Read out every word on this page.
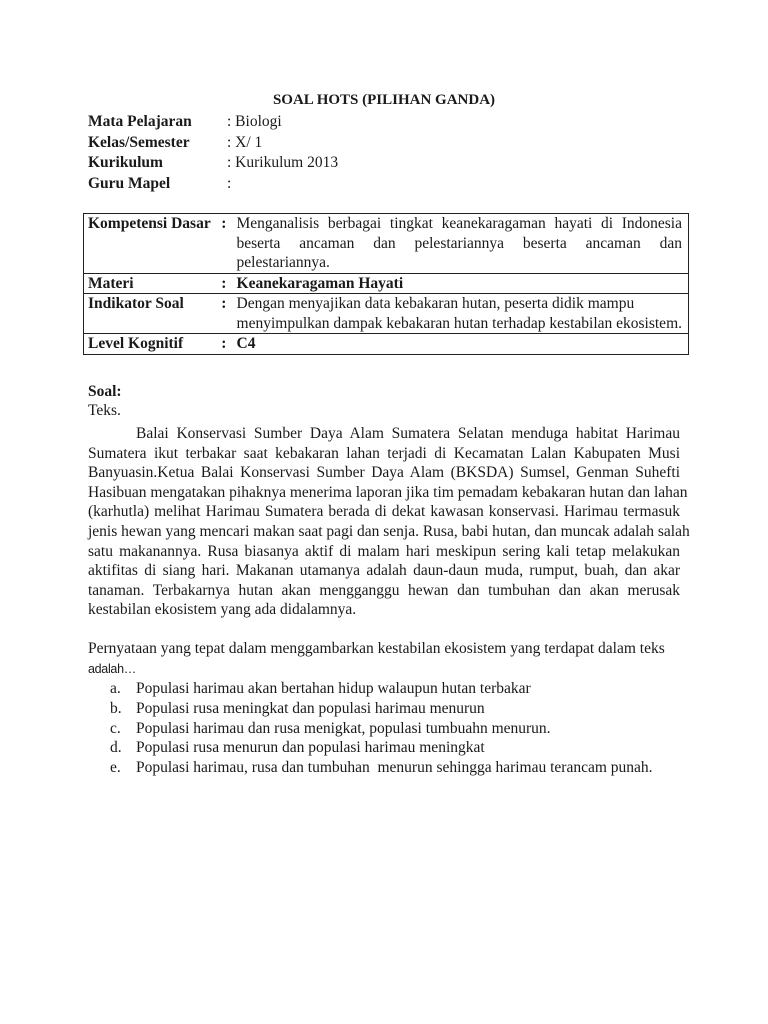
SOAL HOTS (PILIHAN GANDA)
Mata Pelajaran	: Biologi
Kelas/Semester	: X/ 1
Kurikulum	: Kurikulum 2013
Guru Mapel	:
Kompetensi Dasar	:	Menganalisis berbagai tingkat keanekaragaman hayati di Indonesia
beserta ancaman dan pelestariannya beserta ancaman dan
pelestariannya.

Materi	:	Keanekaragaman Hayati
Indikator Soal	:	Dengan menyajikan data kebakaran hutan, peserta didik mampu
menyimpulkan dampak kebakaran hutan terhadap kestabilan ekosistem.

Level Kognitif	:	C4
Soal:
Teks.
Balai Konservasi Sumber Daya Alam Sumatera Selatan menduga habitat Harimau
Sumatera ikut terbakar saat kebakaran lahan terjadi di Kecamatan Lalan Kabupaten Musi
Banyuasin.Ketua Balai Konservasi Sumber Daya Alam (BKSDA) Sumsel, Genman Suhefti
Hasibuan mengatakan pihaknya menerima laporan jika tim pemadam kebakaran hutan dan lahan
(karhutla) melihat Harimau Sumatera berada di dekat kawasan konservasi. Harimau termasuk
jenis hewan yang mencari makan saat pagi dan senja. Rusa, babi hutan, dan muncak adalah salah
satu makanannya. Rusa biasanya aktif di malam hari meskipun sering kali tetap melakukan
aktifitas di siang hari. Makanan utamanya adalah daun-daun muda, rumput, buah, dan akar
tanaman. Terbakarnya hutan akan mengganggu hewan dan tumbuhan dan akan merusak
kestabilan ekosistem yang ada didalamnya.
Pernyataan yang tepat dalam menggambarkan kestabilan ekosistem yang terdapat dalam teks
adalah…
a. Populasi harimau akan bertahan hidup walaupun hutan terbakar
b. Populasi rusa meningkat dan populasi harimau menurun
c. Populasi harimau dan rusa menigkat, populasi tumbuahn menurun.
d. Populasi rusa menurun dan populasi harimau meningkat
e. Populasi harimau, rusa dan tumbuhan  menurun sehingga harimau terancam punah.
